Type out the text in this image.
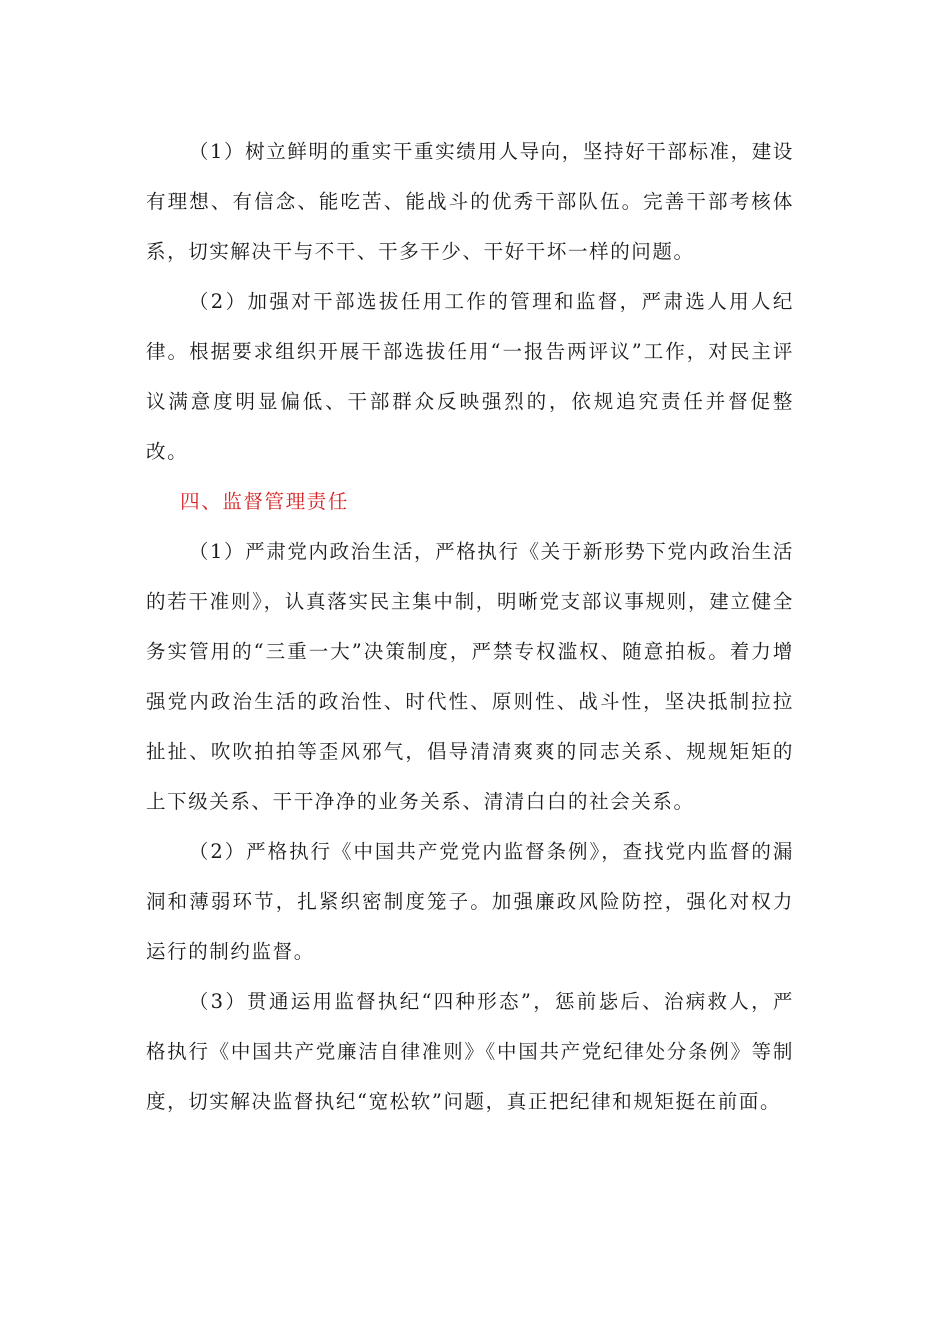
（1）树立鲜明的重实干重实绩用人导向，坚持好干部标准，建设有理想、有信念、能吃苦、能战斗的优秀干部队伍。完善干部考核体系，切实解决干与不干、干多干少、干好干坏一样的问题。

（2）加强对干部选拔任用工作的管理和监督，严肃选人用人纪律。根据要求组织开展干部选拔任用“一报告两评议”工作，对民主评议满意度明显偏低、干部群众反映强烈的，依规追究责任并督促整改。

四、监督管理责任

（1）严肃党内政治生活，严格执行《关于新形势下党内政治生活的若干准则》，认真落实民主集中制，明晰党支部议事规则，建立健全务实管用的“三重一大”决策制度，严禁专权滥权、随意拍板。着力增强党内政治生活的政治性、时代性、原则性、战斗性，坚决抵制拉拉扯扯、吹吹拍拍等歪风邪气，倡导清清爽爽的同志关系、规规矩矩的上下级关系、干干净净的业务关系、清清白白的社会关系。

（2）严格执行《中国共产党党内监督条例》，查找党内监督的漏洞和薄弱环节，扎紧织密制度笼子。加强廉政风险防控，强化对权力运行的制约监督。

（3）贯通运用监督执纪“四种形态”，惩前毖后、治病救人，严格执行《中国共产党廉洁自律准则》《中国共产党纪律处分条例》等制度，切实解决监督执纪“宽松软”问题，真正把纪律和规矩挺在前面。
